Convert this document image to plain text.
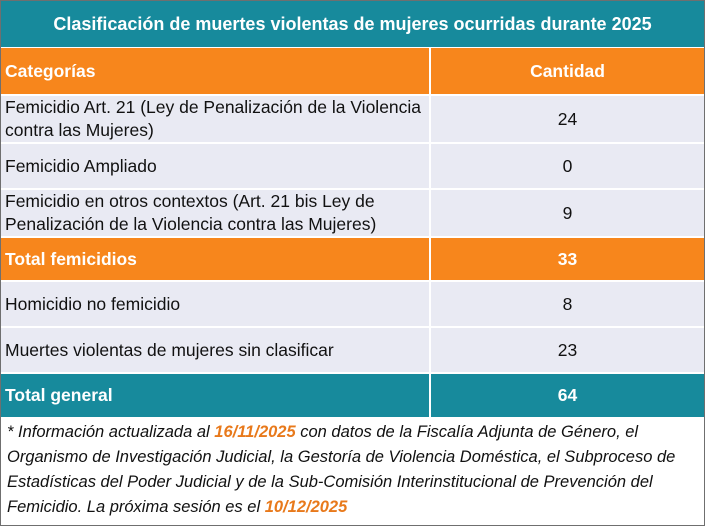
Clasificación de muertes violentas de mujeres ocurridas durante 2025
Categorías	Cantidad
Femicidio Art. 21 (Ley de Penalización de la Violencia contra las Mujeres)	24
Femicidio Ampliado	0
Femicidio en otros contextos (Art. 21 bis Ley de Penalización de la Violencia contra las Mujeres)	9
Total femicidios	33
Homicidio no femicidio	8
Muertes violentas de mujeres sin clasificar	23
Total general	64
* Información actualizada al 16/11/2025 con datos de la Fiscalía Adjunta de Género, el Organismo de Investigación Judicial, la Gestoría de Violencia Doméstica, el Subproceso de Estadísticas del Poder Judicial y de la Sub-Comisión Interinstitucional de Prevención del Femicidio. La próxima sesión es el 10/12/2025
